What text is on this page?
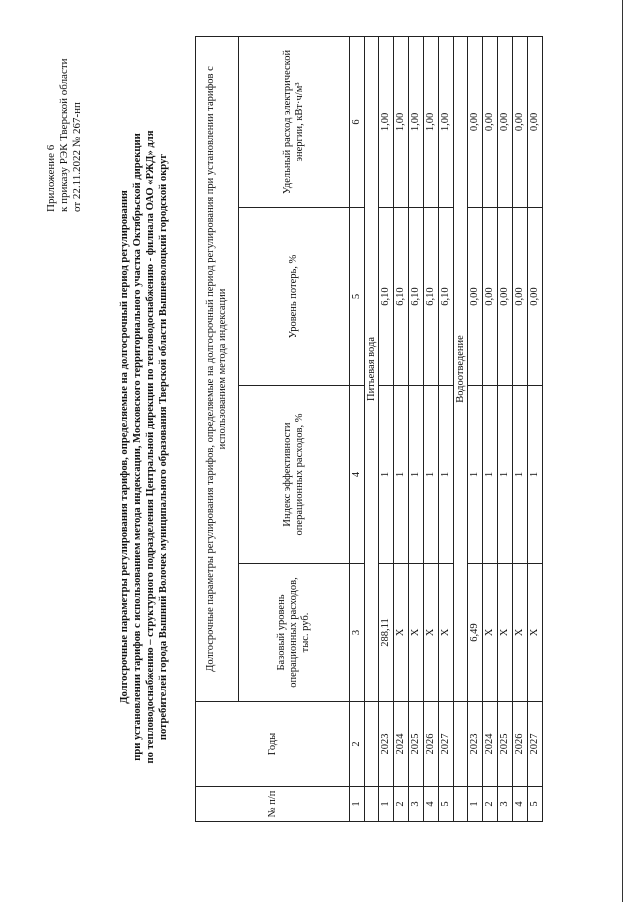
Приложение 6 к приказу РЭК Тверской области от 22.11.2022 № 267-нп
Долгосрочные параметры регулирования тарифов, определяемые на долгосрочный период регулирования при установлении тарифов с использованием метода индексации, Московского территориального участка Октябрьской дирекции по тепловодоснабжению – структурного подразделения Центральной дирекции по тепловодоснабжению - филиала ОАО «РЖД» для потребителей города Вышний Волочек муниципального образования Тверской области Вышневолоцкий городской округ
№ п/п	Годы	Долгосрочные параметры регулирования тарифов, определяемые на долгосрочный период регулирования при установлении тарифов с использованием метода индексации			
		Базовый уровень операционных расходов, тыс. руб.	Индекс эффективности операционных расходов, %	Уровень потерь, %	Удельный расход электрической энергии, кВт·ч/м³
1	2	3	4	5	6
		Питьевая вода			
1	2023	288,11	1	6,10	1,00
2	2024	Х	1	6,10	1,00
3	2025	Х	1	6,10	1,00
4	2026	Х	1	6,10	1,00
5	2027	Х	1	6,10	1,00
		Водоотведение			
1	2023	6,49	1	0,00	0,00
2	2024	Х	1	0,00	0,00
3	2025	Х	1	0,00	0,00
4	2026	Х	1	0,00	0,00
5	2027	Х	1	0,00	0,00
